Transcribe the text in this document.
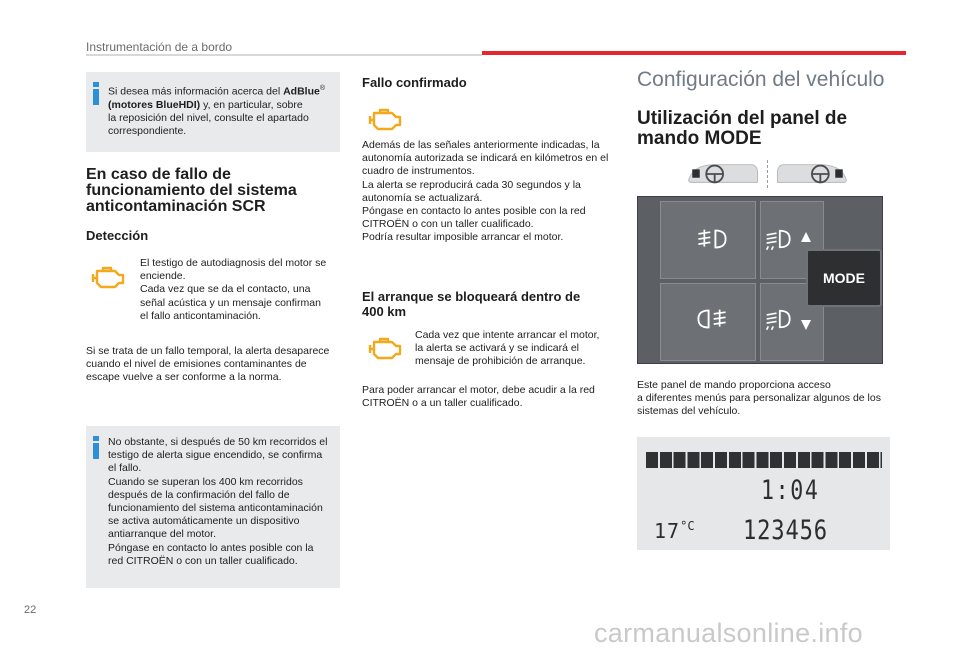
Instrumentación de a bordo
Si desea más información acerca del AdBlue®
(motores BlueHDI) y, en particular, sobre
la reposición del nivel, consulte el apartado
correspondiente.
En caso de fallo de
funcionamiento del sistema
anticontaminación SCR
Detección
El testigo de autodiagnosis del motor se
enciende.
Cada vez que se da el contacto, una
señal acústica y un mensaje confirman
el fallo anticontaminación.
Si se trata de un fallo temporal, la alerta desaparece
cuando el nivel de emisiones contaminantes de
escape vuelve a ser conforme a la norma.
No obstante, si después de 50 km recorridos el
testigo de alerta sigue encendido, se confirma
el fallo.
Cuando se superan los 400 km recorridos
después de la confirmación del fallo de
funcionamiento del sistema anticontaminación
se activa automáticamente un dispositivo
antiarranque del motor.
Póngase en contacto lo antes posible con la
red CITROËN o con un taller cualificado.
Fallo confirmado
Además de las señales anteriormente indicadas, la
autonomía autorizada se indicará en kilómetros en el
cuadro de instrumentos.
La alerta se reproducirá cada 30 segundos y la
autonomía se actualizará.
Póngase en contacto lo antes posible con la red
CITROËN o con un taller cualificado.
Podría resultar imposible arrancar el motor.
El arranque se bloqueará dentro de
400 km
Cada vez que intente arrancar el motor,
la alerta se activará y se indicará el
mensaje de prohibición de arranque.
Para poder arrancar el motor, debe acudir a la red
CITROËN o a un taller cualificado.
Configuración del vehículo
Utilización del panel de
mando MODE
MODE
Este panel de mando proporciona acceso
a diferentes menús para personalizar algunos de los
sistemas del vehículo.
1:04
$17^{^\circ C}$ 123456
22
carmanualsonline.info
